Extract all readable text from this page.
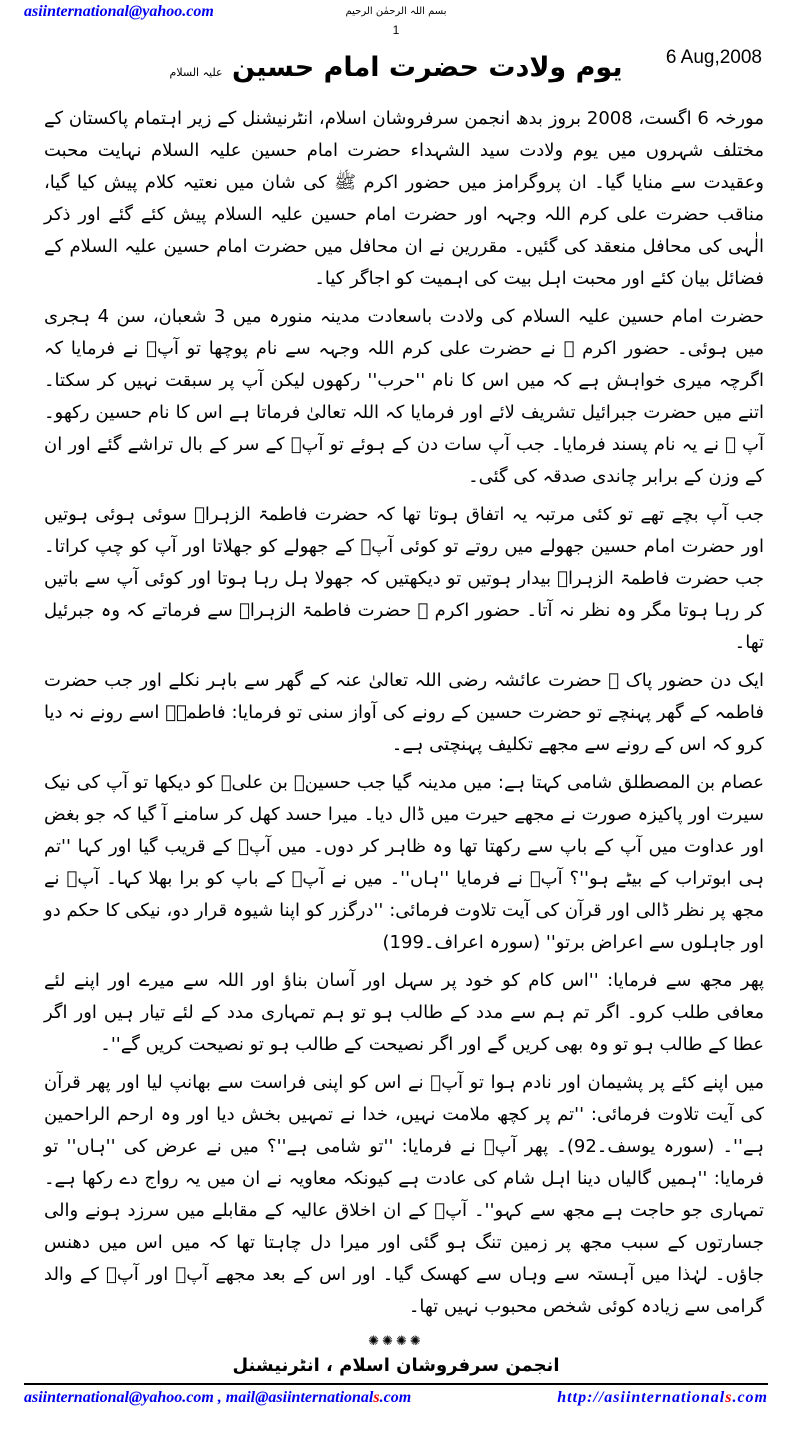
asiinternational@yahoo.com	بسم اللہ الرحمٰن الرحیم
1
یوم ولادت حضرت امام حسین علیہ السلام
6 Aug,2008

مورخہ 6 اگست، 2008 بروز بدھ انجمن سرفروشان اسلام، انٹرنیشنل کے زیر اہتمام پاکستان کے مختلف شہروں میں یوم ولادت سید الشہداء حضرت امام حسین علیہ السلام نہایت محبت وعقیدت سے منایا گیا۔ ان پروگرامز میں حضور اکرم ﷺ کی شان میں نعتیہ کلام پیش کیا گیا، مناقب حضرت علی کرم اللہ وجہہ اور حضرت امام حسین علیہ السلام پیش کئے گئے اور ذکر الٰہی کی محافل منعقد کی گئیں۔ مقررین نے ان محافل میں حضرت امام حسین علیہ السلام کے فضائل بیان کئے اور محبت اہل بیت کی اہمیت کو اجاگر کیا۔

حضرت امام حسین علیہ السلام کی ولادت باسعادت مدینہ منورہ میں 3 شعبان، سن 4 ہجری میں ہوئی۔ حضور اکرم ﷺ نے حضرت علی کرم اللہ وجہہ سے نام پوچھا تو آپؑ نے فرمایا کہ اگرچہ میری خواہش ہے کہ میں اس کا نام ''حرب'' رکھوں لیکن آپ پر سبقت نہیں کر سکتا۔ اتنے میں حضرت جبرائیل تشریف لائے اور فرمایا کہ اللہ تعالیٰ فرماتا ہے اس کا نام حسین رکھو۔ آپ ﷺ نے یہ نام پسند فرمایا۔ جب آپ سات دن کے ہوئے تو آپؑ کے سر کے بال تراشے گئے اور ان کے وزن کے برابر چاندی صدقہ کی گئی۔

جب آپ بچے تھے تو کئی مرتبہ یہ اتفاق ہوتا تھا کہ حضرت فاطمۃ الزہراؑ سوئی ہوئی ہوتیں اور حضرت امام حسین جھولے میں روتے تو کوئی آپؑ کے جھولے کو جھلاتا اور آپ کو چپ کراتا۔ جب حضرت فاطمۃ الزہراؑ بیدار ہوتیں تو دیکھتیں کہ جھولا ہل رہا ہوتا اور کوئی آپ سے باتیں کر رہا ہوتا مگر وہ نظر نہ آتا۔ حضور اکرم ﷺ حضرت فاطمۃ الزہراؑ سے فرماتے کہ وہ جبرئیل تھا۔

ایک دن حضور پاک ﷺ حضرت عائشہ رضی اللہ تعالیٰ عنہ کے گھر سے باہر نکلے اور جب حضرت فاطمہ کے گھر پہنچے تو حضرت حسین کے رونے کی آواز سنی تو فرمایا: فاطمہؑ اسے رونے نہ دیا کرو کہ اس کے رونے سے مجھے تکلیف پہنچتی ہے۔

عصام بن المصطلق شامی کہتا ہے: میں مدینہ گیا جب حسینؑ بن علیؑ کو دیکھا تو آپ کی نیک سیرت اور پاکیزہ صورت نے مجھے حیرت میں ڈال دیا۔ میرا حسد کھل کر سامنے آ گیا کہ جو بغض اور عداوت میں آپ کے باپ سے رکھتا تھا وہ ظاہر کر دوں۔ میں آپؑ کے قریب گیا اور کہا ''تم ہی ابوتراب کے بیٹے ہو''؟ آپؑ نے فرمایا ''ہاں''۔ میں نے آپؑ کے باپ کو برا بھلا کہا۔ آپؑ نے مجھ پر نظر ڈالی اور قرآن کی آیت تلاوت فرمائی: ''درگزر کو اپنا شیوہ قرار دو، نیکی کا حکم دو اور جاہلوں سے اعراض برتو'' (سورہ اعراف۔199)

پھر مجھ سے فرمایا: ''اس کام کو خود پر سہل اور آسان بناؤ اور اللہ سے میرے اور اپنے لئے معافی طلب کرو۔ اگر تم ہم سے مدد کے طالب ہو تو ہم تمہاری مدد کے لئے تیار ہیں اور اگر عطا کے طالب ہو تو وہ بھی کریں گے اور اگر نصیحت کے طالب ہو تو نصیحت کریں گے''۔

میں اپنے کئے پر پشیمان اور نادم ہوا تو آپؑ نے اس کو اپنی فراست سے بھانپ لیا اور پھر قرآن کی آیت تلاوت فرمائی: ''تم پر کچھ ملامت نہیں، خدا نے تمہیں بخش دیا اور وہ ارحم الراحمین ہے''۔ (سورہ یوسف۔92)۔ پھر آپؑ نے فرمایا: ''تو شامی ہے''؟ میں نے عرض کی ''ہاں'' تو فرمایا: ''ہمیں گالیاں دینا اہل شام کی عادت ہے کیونکہ معاویہ نے ان میں یہ رواج دے رکھا ہے۔ تمہاری جو حاجت ہے مجھ سے کہو''۔ آپؑ کے ان اخلاق عالیہ کے مقابلے میں سرزد ہونے والی جسارتوں کے سبب مجھ پر زمین تنگ ہو گئی اور میرا دل چاہتا تھا کہ میں اس میں دھنس جاؤں۔ لہٰذا میں آہستہ سے وہاں سے کھسک گیا۔ اور اس کے بعد مجھے آپؑ اور آپؑ کے والد گرامی سے زیادہ کوئی شخص محبوب نہیں تھا۔

✺✺✺✺
انجمن سرفروشان اسلام ، انٹرنیشنل
asiinternational@yahoo.com , mail@asiinternationals.com	http://asiinternationals.com
